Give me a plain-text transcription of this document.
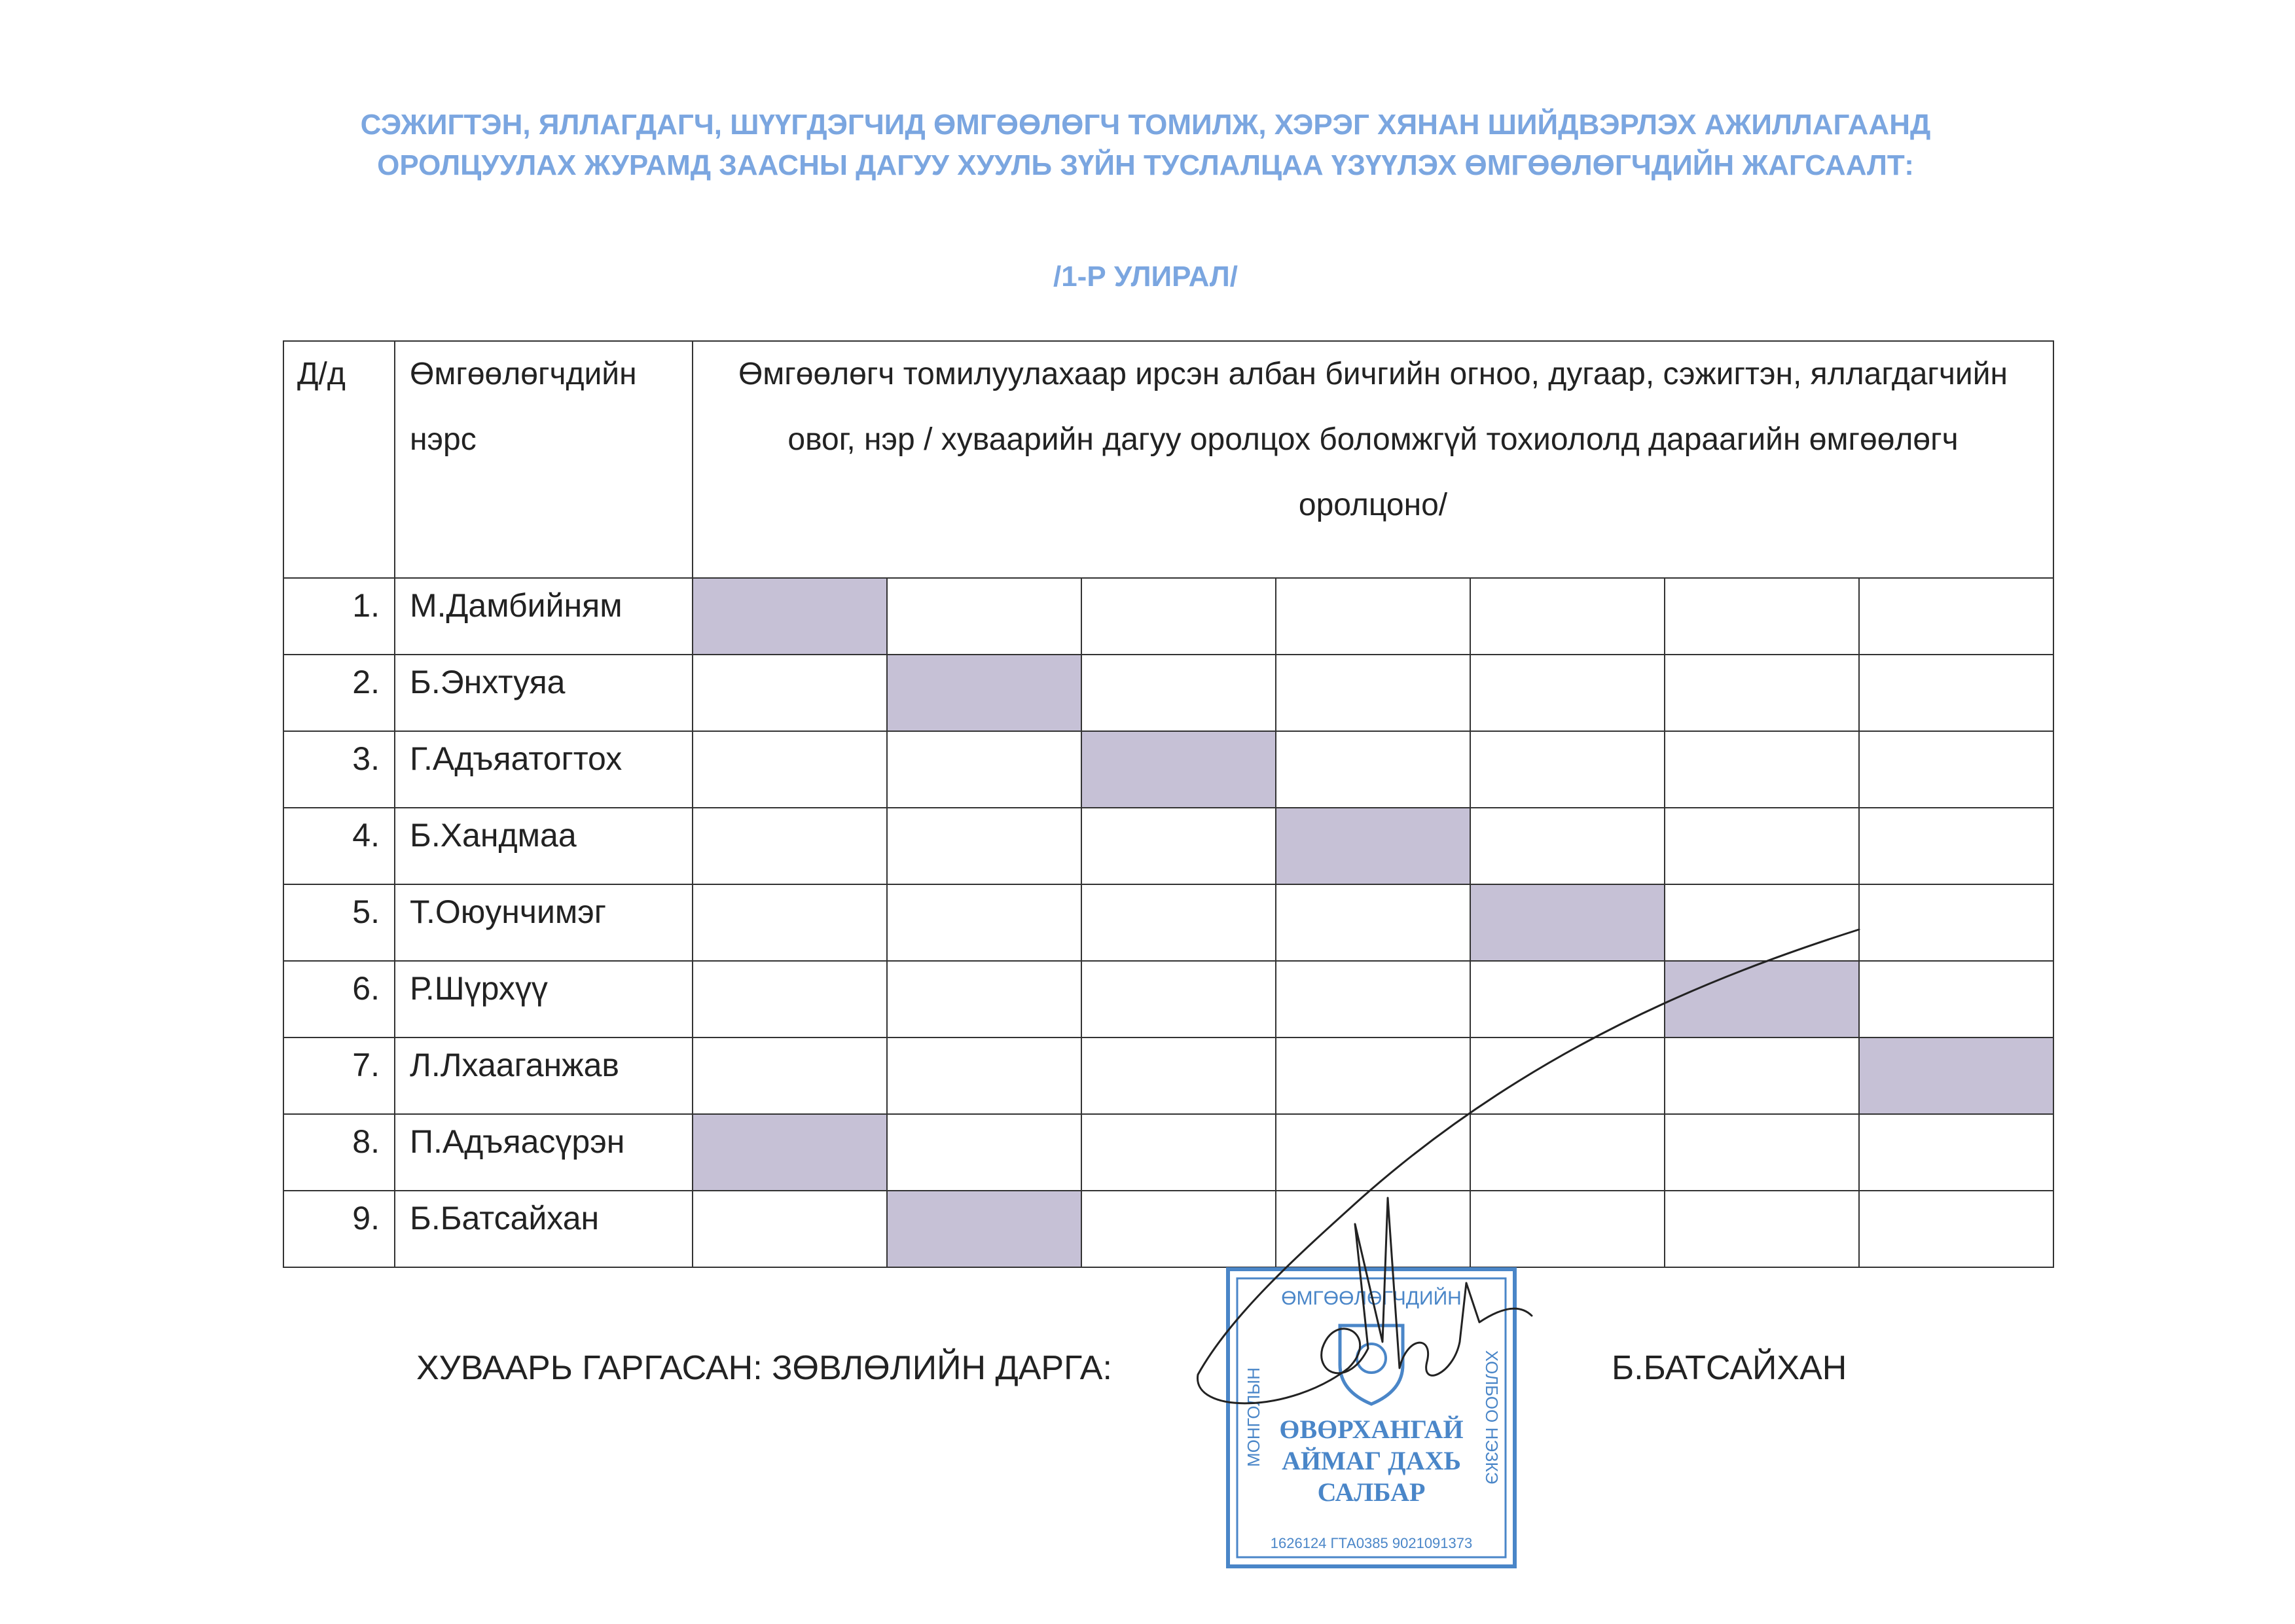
СЭЖИГТЭН, ЯЛЛАГДАГЧ, ШҮҮГДЭГЧИД ӨМГӨӨЛӨГЧ ТОМИЛЖ, ХЭРЭГ ХЯНАН ШИЙДВЭРЛЭХ АЖИЛЛАГААНД ОРОЛЦУУЛАХ ЖУРАМД ЗААСНЫ ДАГУУ ХУУЛЬ ЗҮЙН ТУСЛАЛЦАА ҮЗҮҮЛЭХ ӨМГӨӨЛӨГЧДИЙН ЖАГСААЛТ:
/1-Р УЛИРАЛ/
Д/д	Өмгөөлөгчдийн нэрс	Өмгөөлөгч томилуулахаар ирсэн албан бичгийн огноо, дугаар, сэжигтэн, яллагдагчийн овог, нэр / хуваарийн дагуу оролцох боломжгүй тохиололд дараагийн өмгөөлөгч оролцоно/						
1.	М.Дамбийням							
2.	Б.Энхтуяа							
3.	Г.Адъяатогтох							
4.	Б.Хандмаа							
5.	Т.Оюунчимэг							
6.	Р.Шүрхүү							
7.	Л.Лхааганжав							
8.	П.Адъяасүрэн							
9.	Б.Батсайхан							
ХУВААРЬ ГАРГАСАН: ЗӨВЛӨЛИЙН ДАРГА:	Б.БАТСАЙХАН
ӨМГӨӨЛӨГЧДИЙН
МОНГОЛЫН	ХОЛБОО НЭЗКЭ
ӨВӨРХАНГАЙ
АЙМАГ ДАХЬ
САЛБАР
1626124 ГТА0385 9021091373
